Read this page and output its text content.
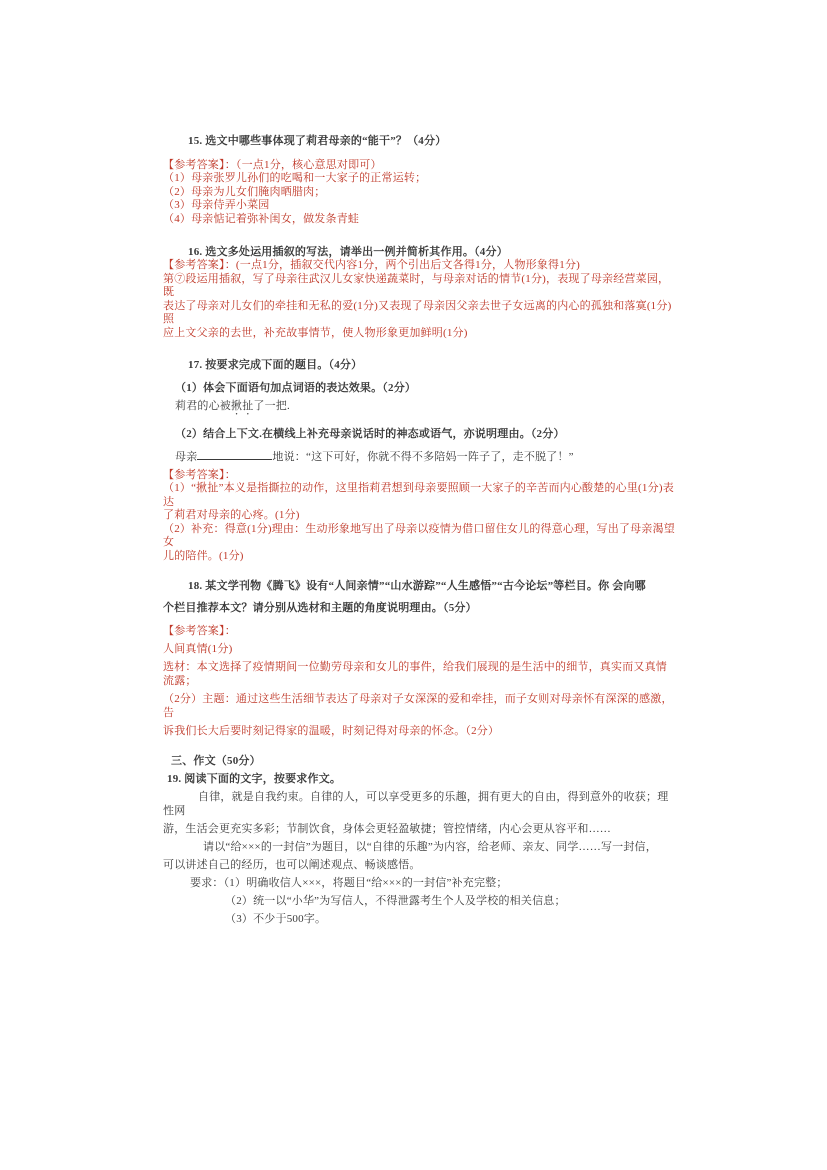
15. 选文中哪些事体现了莉君母亲的“能干”？（4分）

【参考答案】：（一点1分，核心意思对即可）

（1）母亲张罗儿孙们的吃喝和一大家子的正常运转；

（2）母亲为儿女们腌肉晒腊肉；

（3）母亲侍弄小菜园

（4）母亲惦记着弥补闺女，做发条青蛙

16. 选文多处运用插叙的写法，请举出一例并简析其作用。（4分）

【参考答案】：(一点1分，插叙交代内容1分，两个引出后文各得1分，人物形象得1分)

第⑦段运用插叙，写了母亲往武汉儿女家快递蔬菜时，与母亲对话的情节(1分)，表现了母亲经营菜园，既

表达了母亲对儿女们的牵挂和无私的爱(1分)又表现了母亲因父亲去世子女远离的内心的孤独和落寞(1分)照

应上文父亲的去世，补充故事情节，使人物形象更加鲜明(1分)

17. 按要求完成下面的题目。（4分）

（1）体会下面语句加点词语的表达效果。（2分）

莉君的心被揪扯了一把.

（2）结合上下文.在横线上补充母亲说话时的神态或语气，亦说明理由。（2分）

母亲	地说：“这下可好，你就不得不多陪妈一阵子了，走不脱了！”

【参考答案】：

（1）“揪扯”本义是指撕拉的动作，这里指莉君想到母亲要照顾一大家子的辛苦而内心酸楚的心里(1分)表达

了莉君对母亲的心疼。(1分)

（2）补充：得意(1分)理由：生动形象地写出了母亲以疫情为借口留住女儿的得意心理，写出了母亲渴望女

儿的陪伴。(1分)

18. 某文学刊物《腾飞》设有“人间亲情”“山水游踪”“人生感悟”“古今论坛”等栏目。你 会向哪

个栏目推荐本文？请分别从选材和主题的角度说明理由。（5分）

【参考答案】：

人间真情(1分)

选材：本文选择了疫情期间一位勤劳母亲和女儿的事件，给我们展现的是生活中的细节，真实而又真情流露；

（2分）主题：通过这些生活细节表达了母亲对子女深深的爱和牵挂，而子女则对母亲怀有深深的感激，告

诉我们长大后要时刻记得家的温暖，时刻记得对母亲的怀念。（2分）

三、作文（50分）

19. 阅读下面的文字，按要求作文。

自律，就是自我约束。自律的人，可以享受更多的乐趣，拥有更大的自由，得到意外的收获；理性网

游，生活会更充实多彩；节制饮食，身体会更轻盈敏捷；管控情绪，内心会更从容平和……

请以“给×××的一封信”为题目，以“自律的乐趣”为内容，给老师、亲友、同学……写一封信，

可以讲述自己的经历，也可以阐述观点、畅谈感悟。

要求：（1）明确收信人×××，将题目“给×××的一封信”补充完整；

（2）统一以“小华”为写信人，不得泄露考生个人及学校的相关信息；

（3）不少于500字。
